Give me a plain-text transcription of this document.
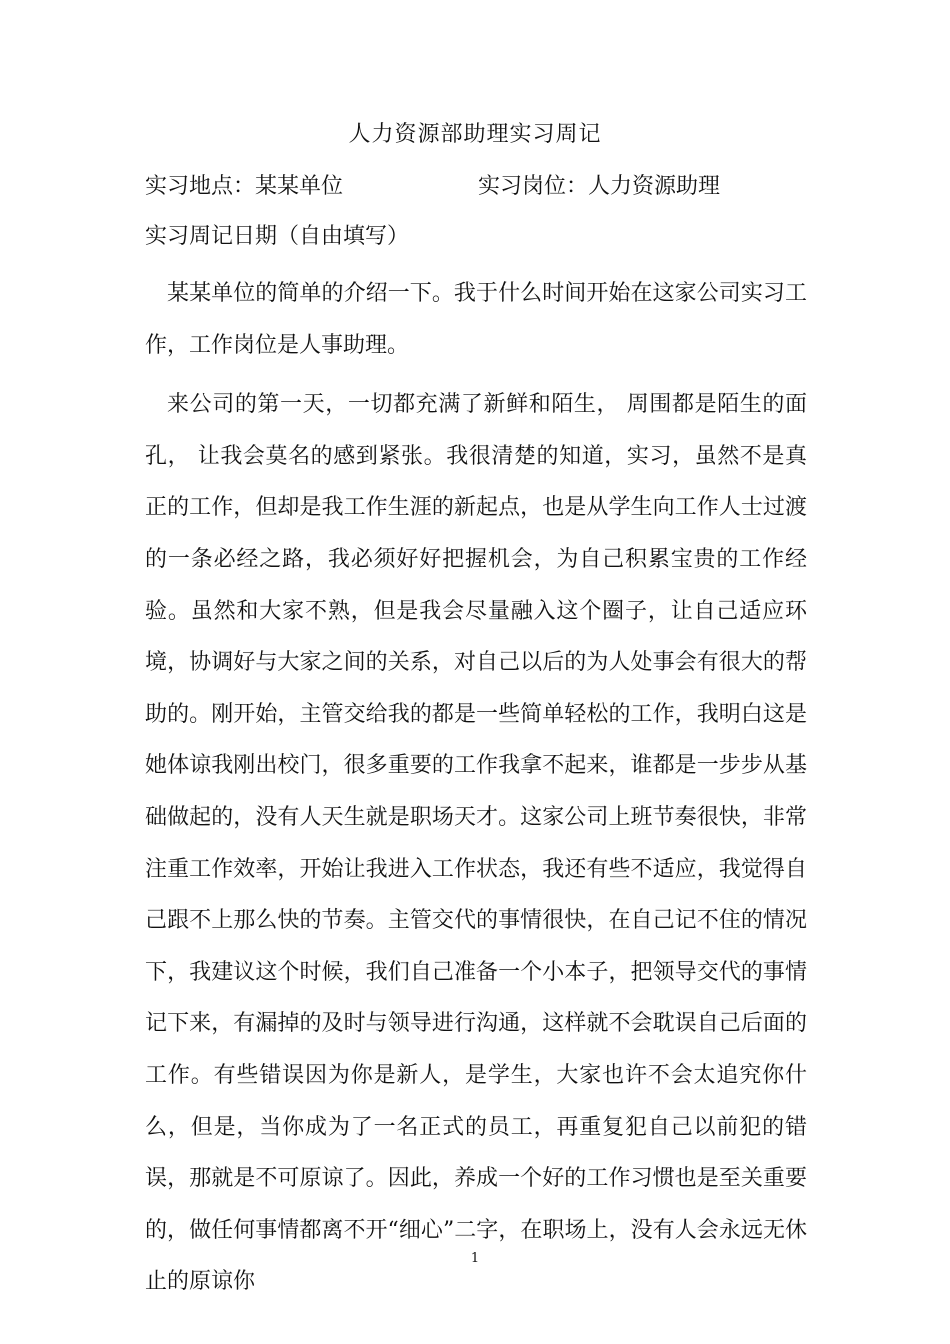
人力资源部助理实习周记
实习地点：某某单位	实习岗位：人力资源助理
实习周记日期（自由填写）

某某单位的简单的介绍一下。我于什么时间开始在这家公司实习工作，工作岗位是人事助理。

来公司的第一天，一切都充满了新鲜和陌生， 周围都是陌生的面孔， 让我会莫名的感到紧张。我很清楚的知道，实习，虽然不是真正的工作，但却是我工作生涯的新起点，也是从学生向工作人士过渡的一条必经之路，我必须好好把握机会，为自己积累宝贵的工作经验。虽然和大家不熟，但是我会尽量融入这个圈子，让自己适应环境，协调好与大家之间的关系，对自己以后的为人处事会有很大的帮助的。刚开始，主管交给我的都是一些简单轻松的工作，我明白这是她体谅我刚出校门，很多重要的工作我拿不起来，谁都是一步步从基础做起的，没有人天生就是职场天才。这家公司上班节奏很快，非常注重工作效率，开始让我进入工作状态，我还有些不适应，我觉得自己跟不上那么快的节奏。主管交代的事情很快，在自己记不住的情况下，我建议这个时候，我们自己准备一个小本子，把领导交代的事情记下来，有漏掉的及时与领导进行沟通，这样就不会耽误自己后面的工作。有些错误因为你是新人，是学生，大家也许不会太追究你什么，但是，当你成为了一名正式的员工，再重复犯自己以前犯的错误，那就是不可原谅了。因此，养成一个好的工作习惯也是至关重要的，做任何事情都离不开“细心”二字，在职场上，没有人会永远无休止的原谅你

1
